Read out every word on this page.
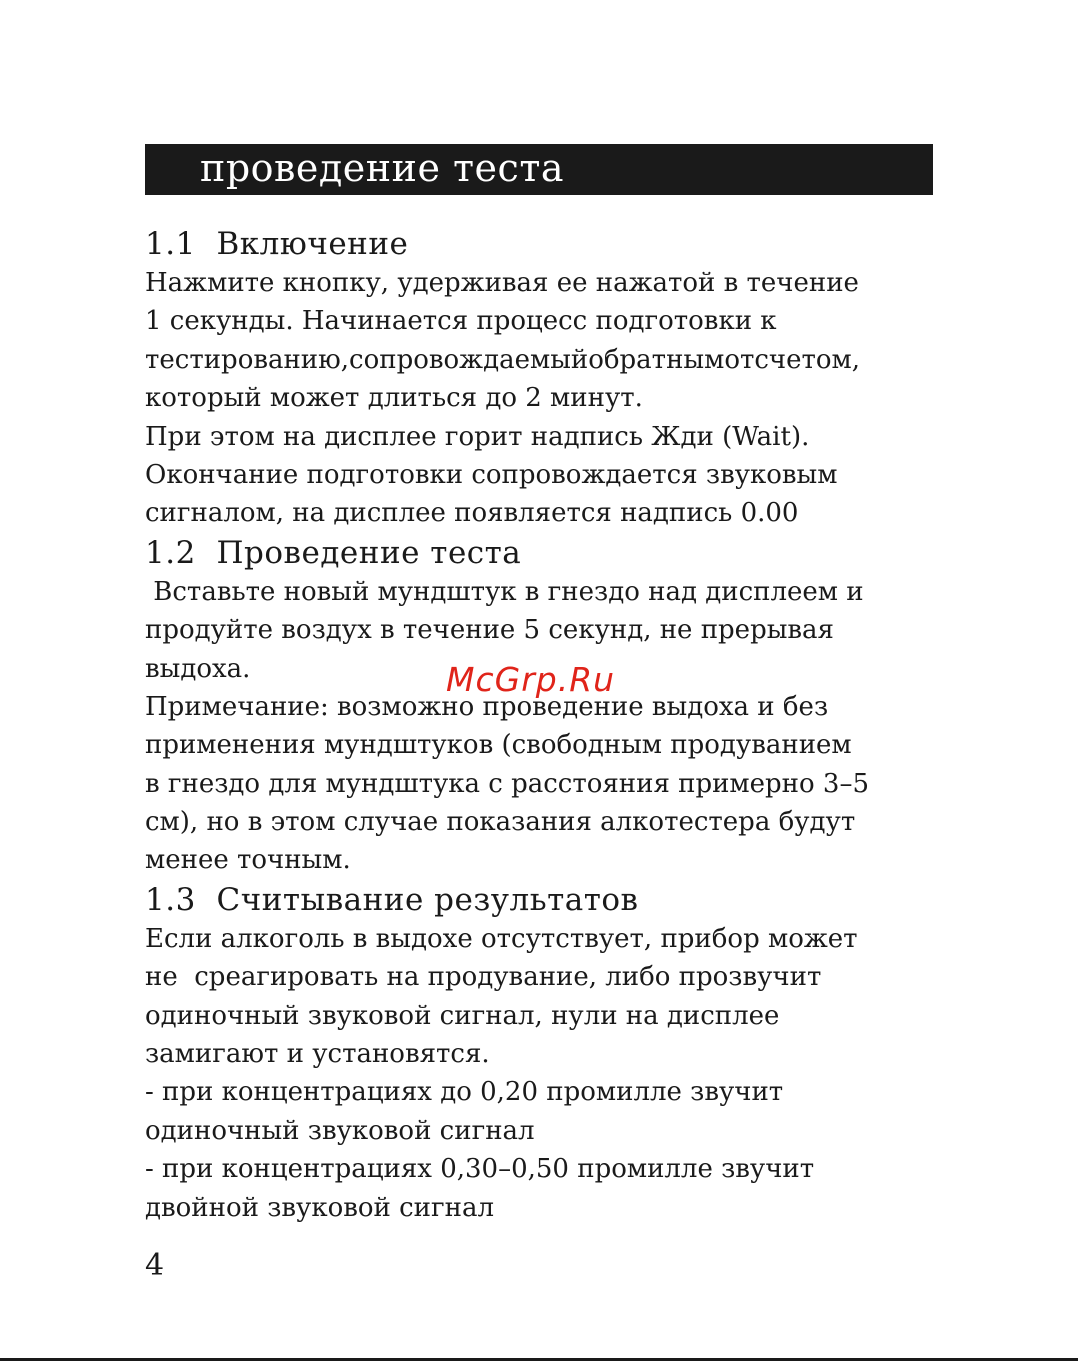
проведение теста
1.1  Включение
Нажмите кнопку, удерживая ее нажатой в течение
1 секунды. Начинается процесс подготовки к
тестированию,сопровождаемыйобратнымотсчетом,
который может длиться до 2 минут.
При этом на дисплее горит надпись Жди (Wait).
Окончание подготовки сопровождается звуковым
сигналом, на дисплее появляется надпись 0.00
1.2  Проведение теста
Вставьте новый мундштук в гнездо над дисплеем и
продуйте воздух в течение 5 секунд, не прерывая
выдоха.
Примечание: возможно проведение выдоха и без
применения мундштуков (свободным продуванием
в гнездо для мундштука с расстояния примерно 3–5
см), но в этом случае показания алкотестера будут
менее точным.
1.3  Считывание результатов
Если алкоголь в выдохе отсутствует, прибор может
не  среагировать на продувание, либо прозвучит
одиночный звуковой сигнал, нули на дисплее
замигают и установятся.
- при концентрациях до 0,20 промилле звучит
одиночный звуковой сигнал
- при концентрациях 0,30–0,50 промилле звучит
двойной звуковой сигнал
McGrp.Ru
4
